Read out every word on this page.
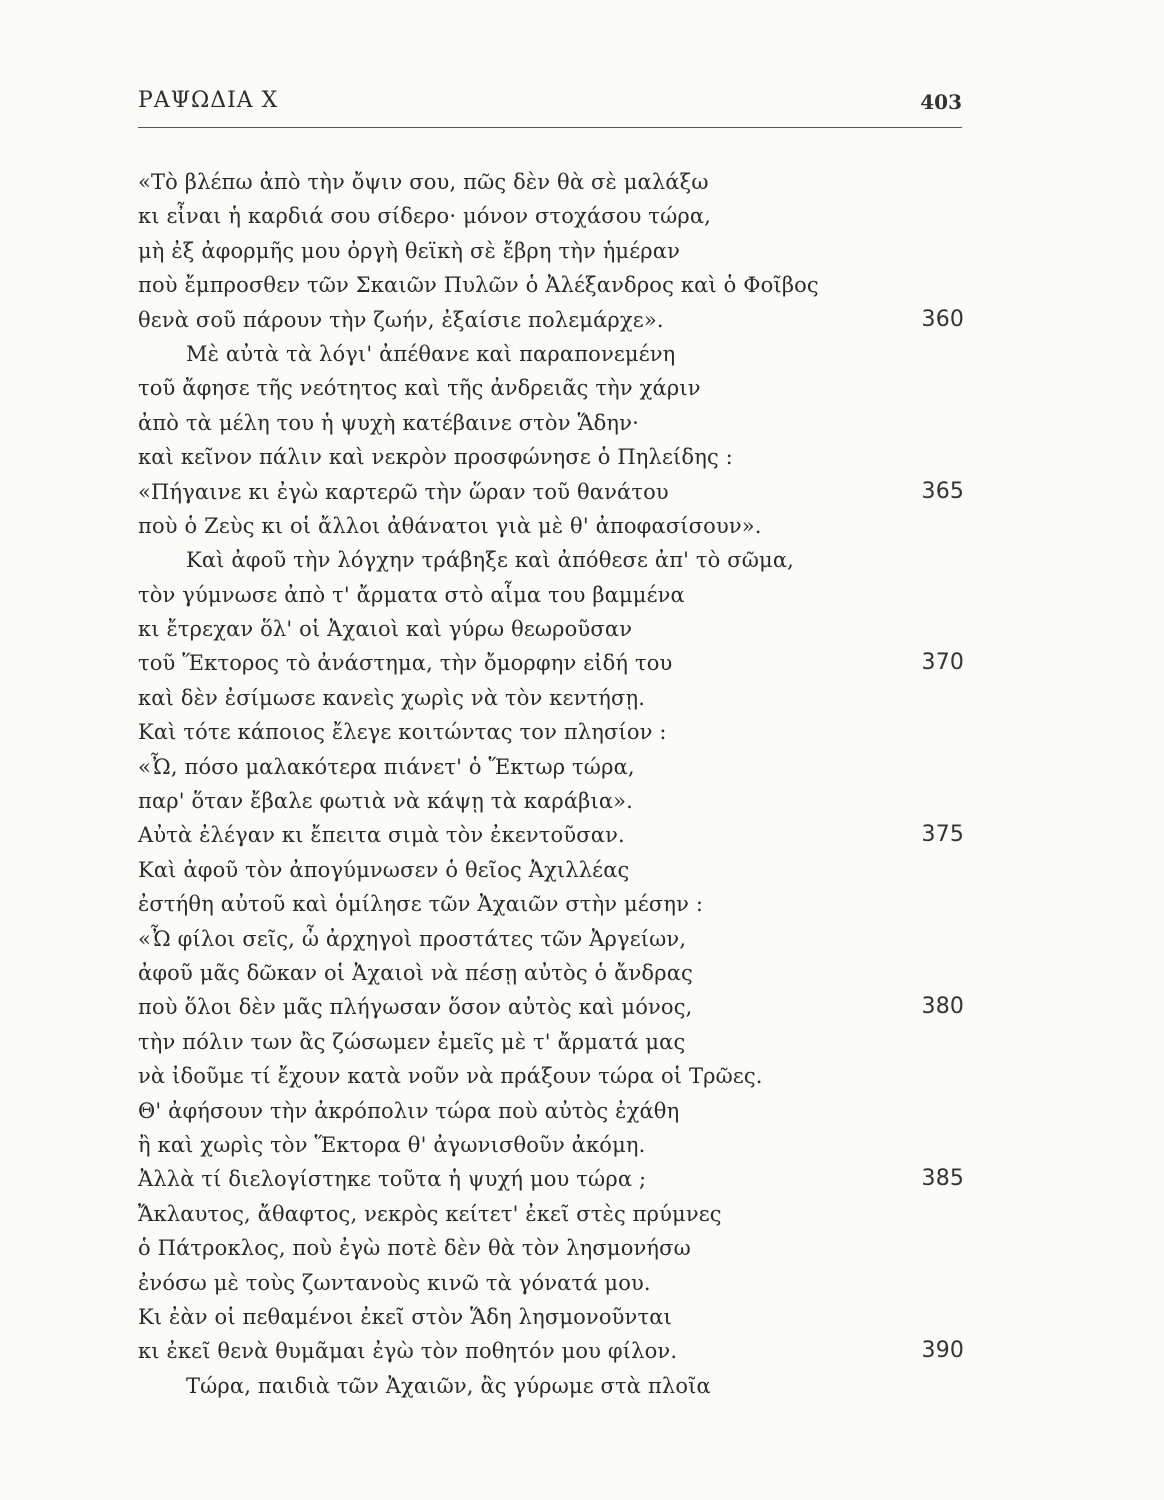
ΡΑΨΩΔΙΑ Χ	403
«Τὸ βλέπω ἀπὸ τὴν ὄψιν σου, πῶς δὲν θὰ σὲ μαλάξω
κι εἶναι ἡ καρδιά σου σίδερο· μόνον στοχάσου τώρα,
μὴ ἐξ ἀφορμῆς μου ὀργὴ θεϊκὴ σὲ ἔβρη τὴν ἡμέραν
ποὺ ἔμπροσθεν τῶν Σκαιῶν Πυλῶν ὁ Ἀλέξανδρος καὶ ὁ Φοῖβος
θενὰ σοῦ πάρουν τὴν ζωήν, ἐξαίσιε πολεμάρχε».	360
Μὲ αὐτὰ τὰ λόγι' ἀπέθανε καὶ παραπονεμένη
τοῦ ἄφησε τῆς νεότητος καὶ τῆς ἀνδρειᾶς τὴν χάριν
ἀπὸ τὰ μέλη του ἡ ψυχὴ κατέβαινε στὸν Ἅδην·
καὶ κεῖνον πάλιν καὶ νεκρὸν προσφώνησε ὁ Πηλείδης :
«Πήγαινε κι ἐγὼ καρτερῶ τὴν ὥραν τοῦ θανάτου	365
ποὺ ὁ Ζεὺς κι οἱ ἄλλοι ἀθάνατοι γιὰ μὲ θ' ἀποφασίσουν».
Καὶ ἀφοῦ τὴν λόγχην τράβηξε καὶ ἀπόθεσε ἀπ' τὸ σῶμα,
τὸν γύμνωσε ἀπὸ τ' ἄρματα στὸ αἷμα του βαμμένα
κι ἔτρεχαν ὅλ' οἱ Ἀχαιοὶ καὶ γύρω θεωροῦσαν
τοῦ Ἕκτορος τὸ ἀνάστημα, τὴν ὄμορφην εἰδή του	370
καὶ δὲν ἐσίμωσε κανεὶς χωρὶς νὰ τὸν κεντήσῃ.
Καὶ τότε κάποιος ἔλεγε κοιτώντας τον πλησίον :
«Ὦ, πόσο μαλακότερα πιάνετ' ὁ Ἕκτωρ τώρα,
παρ' ὅταν ἔβαλε φωτιὰ νὰ κάψῃ τὰ καράβια».
Αὐτὰ ἐλέγαν κι ἔπειτα σιμὰ τὸν ἐκεντοῦσαν.	375
Καὶ ἀφοῦ τὸν ἀπογύμνωσεν ὁ θεῖος Ἀχιλλέας
ἐστήθη αὐτοῦ καὶ ὁμίλησε τῶν Ἀχαιῶν στὴν μέσην :
«Ὦ φίλοι σεῖς, ὦ ἀρχηγοὶ προστάτες τῶν Ἀργείων,
ἀφοῦ μᾶς δῶκαν οἱ Ἀχαιοὶ νὰ πέσῃ αὐτὸς ὁ ἄνδρας
ποὺ ὅλοι δὲν μᾶς πλήγωσαν ὅσον αὐτὸς καὶ μόνος,	380
τὴν πόλιν των ἂς ζώσωμεν ἐμεῖς μὲ τ' ἄρματά μας
νὰ ἰδοῦμε τί ἔχουν κατὰ νοῦν νὰ πράξουν τώρα οἱ Τρῶες.
Θ' ἀφήσουν τὴν ἀκρόπολιν τώρα ποὺ αὐτὸς ἐχάθη
ἢ καὶ χωρὶς τὸν Ἕκτορα θ' ἀγωνισθοῦν ἀκόμη.
Ἀλλὰ τί διελογίστηκε τοῦτα ἡ ψυχή μου τώρα ;	385
Ἄκλαυτος, ἄθαφτος, νεκρὸς κείτετ' ἐκεῖ στὲς πρύμνες
ὁ Πάτροκλος, ποὺ ἐγὼ ποτὲ δὲν θὰ τὸν λησμονήσω
ἐνόσω μὲ τοὺς ζωντανοὺς κινῶ τὰ γόνατά μου.
Κι ἐὰν οἱ πεθαμένοι ἐκεῖ στὸν Ἅδη λησμονοῦνται
κι ἐκεῖ θενὰ θυμᾶμαι ἐγὼ τὸν ποθητόν μου φίλον.	390
Τώρα, παιδιὰ τῶν Ἀχαιῶν, ἂς γύρωμε στὰ πλοῖα
